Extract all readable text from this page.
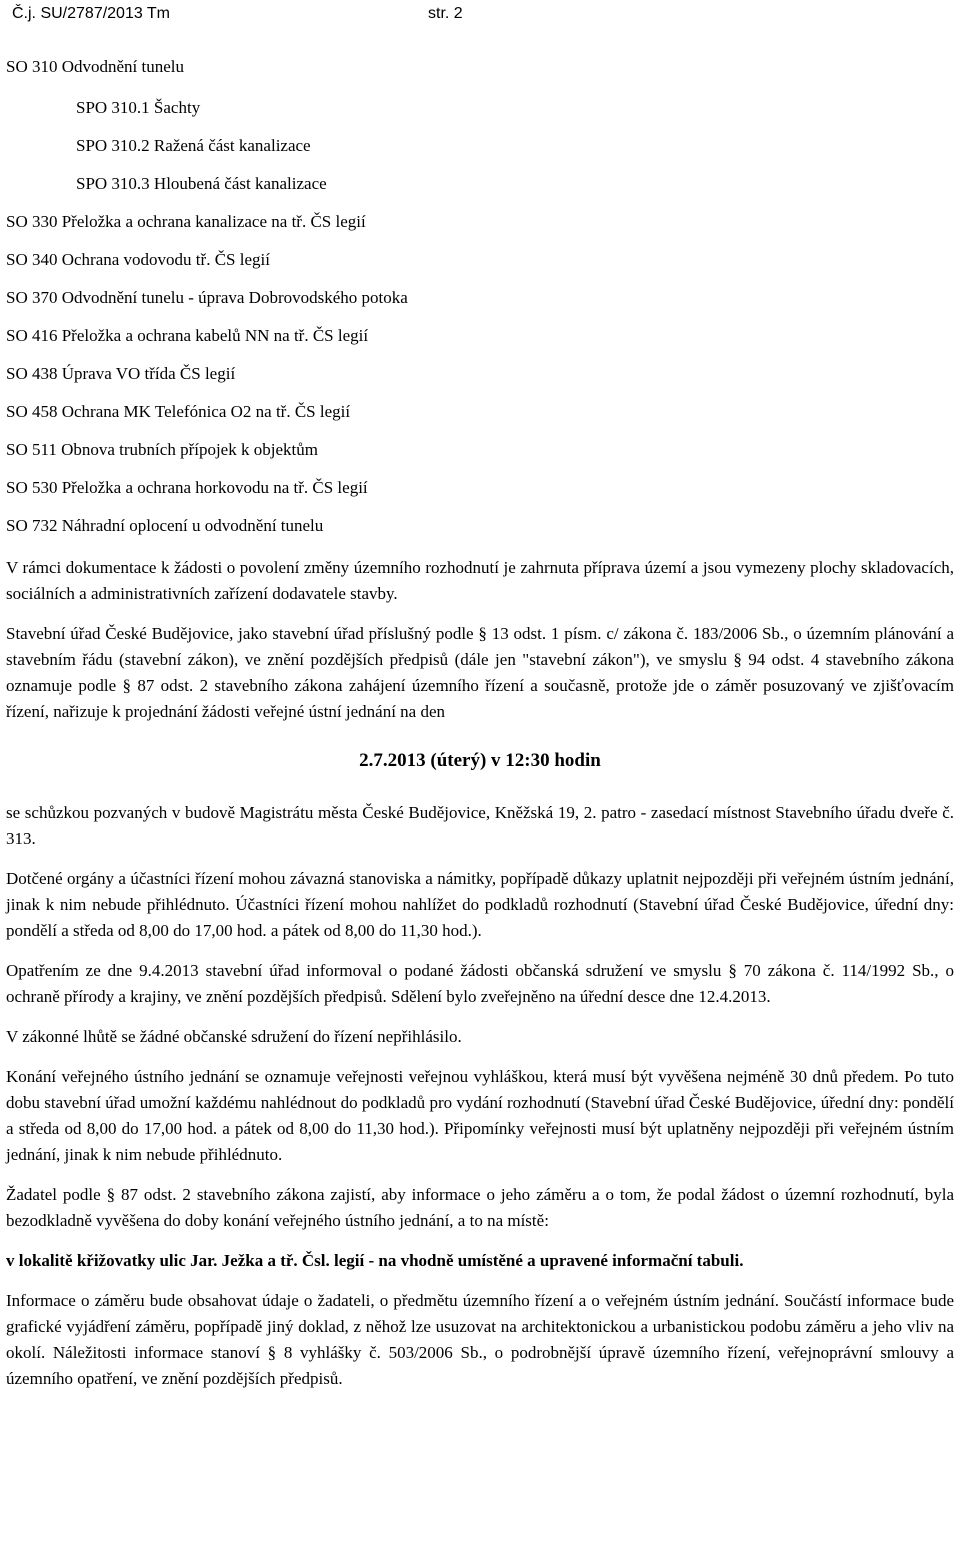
Č.j. SU/2787/2013 Tm	str. 2
SO 310 Odvodnění tunelu
SPO 310.1 Šachty
SPO 310.2 Ražená část kanalizace
SPO 310.3 Hloubená část kanalizace
SO 330 Přeložka a ochrana kanalizace na tř. ČS legií
SO 340 Ochrana vodovodu tř. ČS legií
SO 370 Odvodnění tunelu - úprava Dobrovodského potoka
SO 416 Přeložka a ochrana kabelů NN na tř. ČS legií
SO 438 Úprava VO třída ČS legií
SO 458 Ochrana MK Telefónica O2 na tř. ČS legií
SO 511 Obnova trubních přípojek k objektům
SO 530 Přeložka a ochrana horkovodu na tř. ČS legií
SO 732 Náhradní oplocení u odvodnění tunelu

V rámci dokumentace k žádosti o povolení změny územního rozhodnutí je zahrnuta příprava území a jsou vymezeny plochy skladovacích, sociálních a administrativních zařízení dodavatele stavby.

Stavební úřad České Budějovice, jako stavební úřad příslušný podle § 13 odst. 1 písm. c/ zákona č. 183/2006 Sb., o územním plánování a stavebním řádu (stavební zákon), ve znění pozdějších předpisů (dále jen "stavební zákon"), ve smyslu § 94 odst. 4 stavebního zákona oznamuje podle § 87 odst. 2 stavebního zákona zahájení územního řízení a současně, protože jde o záměr posuzovaný ve zjišťovacím řízení, nařizuje k projednání žádosti veřejné ústní jednání na den

2.7.2013 (úterý) v 12:30 hodin

se schůzkou pozvaných v budově Magistrátu města České Budějovice, Kněžská 19, 2. patro - zasedací místnost Stavebního úřadu dveře č. 313.

Dotčené orgány a účastníci řízení mohou závazná stanoviska a námitky, popřípadě důkazy uplatnit nejpozději při veřejném ústním jednání, jinak k nim nebude přihlédnuto. Účastníci řízení mohou nahlížet do podkladů rozhodnutí (Stavební úřad České Budějovice, úřední dny: pondělí a středa od 8,00 do 17,00 hod. a pátek od 8,00 do 11,30 hod.).

Opatřením ze dne 9.4.2013 stavební úřad informoval o podané žádosti občanská sdružení ve smyslu § 70 zákona č. 114/1992 Sb., o ochraně přírody a krajiny, ve znění pozdějších předpisů. Sdělení bylo zveřejněno na úřední desce dne 12.4.2013.

V zákonné lhůtě se žádné občanské sdružení do řízení nepřihlásilo.

Konání veřejného ústního jednání se oznamuje veřejnosti veřejnou vyhláškou, která musí být vyvěšena nejméně 30 dnů předem. Po tuto dobu stavební úřad umožní každému nahlédnout do podkladů pro vydání rozhodnutí (Stavební úřad České Budějovice, úřední dny: pondělí a středa od 8,00 do 17,00 hod. a pátek od 8,00 do 11,30 hod.). Připomínky veřejnosti musí být uplatněny nejpozději při veřejném ústním jednání, jinak k nim nebude přihlédnuto.

Žadatel podle § 87 odst. 2 stavebního zákona zajistí, aby informace o jeho záměru a o tom, že podal žádost o územní rozhodnutí, byla bezodkladně vyvěšena do doby konání veřejného ústního jednání, a to na místě:

v lokalitě křižovatky ulic Jar. Ježka a tř. Čsl. legií - na vhodně umístěné a upravené informační tabuli.

Informace o záměru bude obsahovat údaje o žadateli, o předmětu územního řízení a o veřejném ústním jednání. Součástí informace bude grafické vyjádření záměru, popřípadě jiný doklad, z něhož lze usuzovat na architektonickou a urbanistickou podobu záměru a jeho vliv na okolí. Náležitosti informace stanoví § 8 vyhlášky č. 503/2006 Sb., o podrobnější úpravě územního řízení, veřejnoprávní smlouvy a územního opatření, ve znění pozdějších předpisů.
